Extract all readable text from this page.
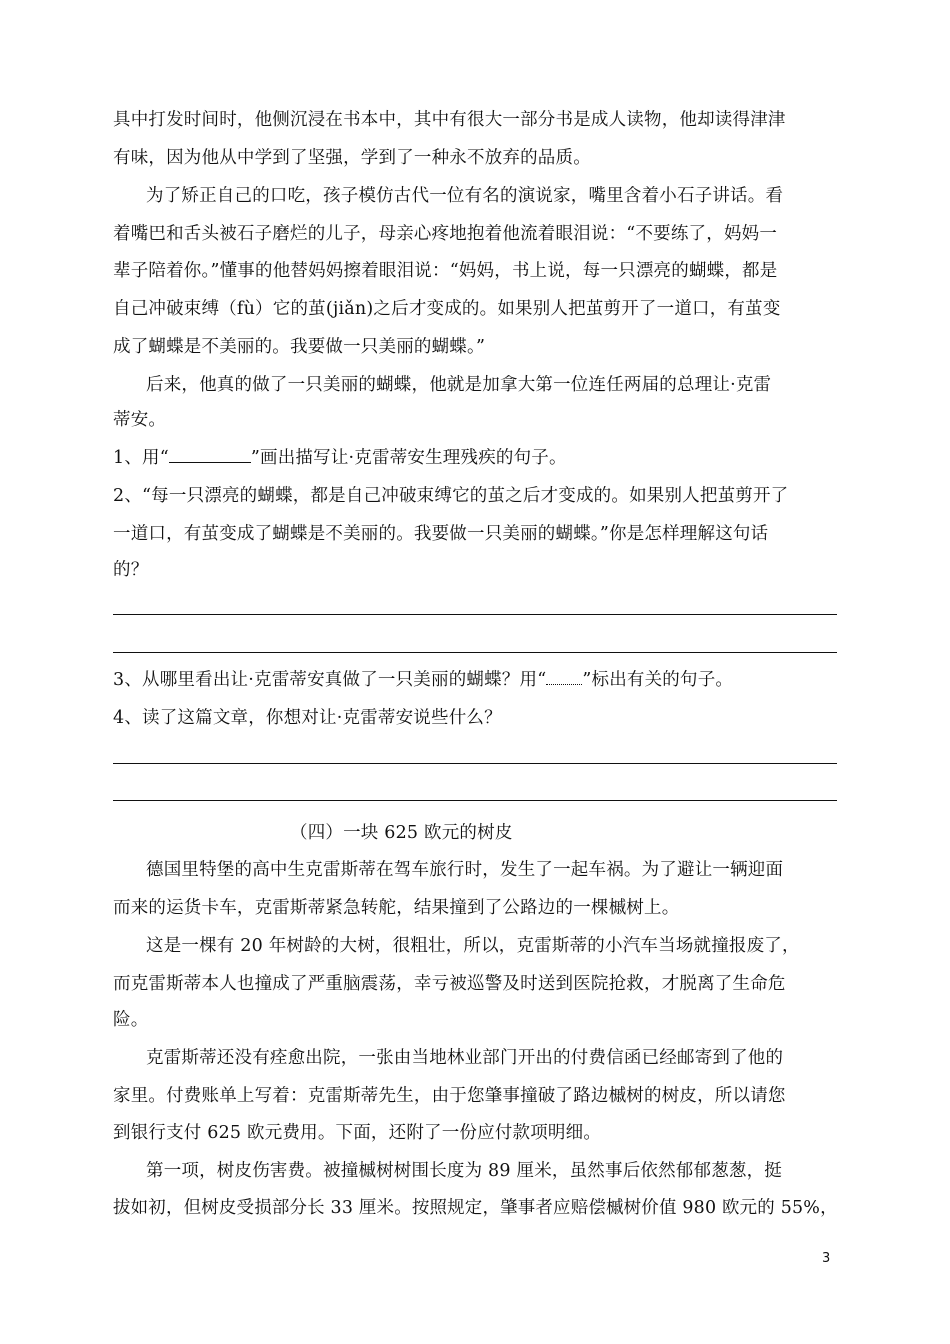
具中打发时间时，他侧沉浸在书本中，其中有很大一部分书是成人读物，他却读得津津
有味，因为他从中学到了坚强，学到了一种永不放弃的品质。
为了矫正自己的口吃，孩子模仿古代一位有名的演说家，嘴里含着小石子讲话。看
着嘴巴和舌头被石子磨烂的儿子，母亲心疼地抱着他流着眼泪说：“不要练了，妈妈一
辈子陪着你。”懂事的他替妈妈擦着眼泪说：“妈妈，书上说，每一只漂亮的蝴蝶，都是
自己冲破束缚（fù）它的茧(jiǎn)之后才变成的。如果别人把茧剪开了一道口，有茧变
成了蝴蝶是不美丽的。我要做一只美丽的蝴蝶。”
后来，他真的做了一只美丽的蝴蝶，他就是加拿大第一位连任两届的总理让·克雷
蒂安。
1、用“	”画出描写让·克雷蒂安生理残疾的句子。
2、“每一只漂亮的蝴蝶，都是自己冲破束缚它的茧之后才变成的。如果别人把茧剪开了
一道口，有茧变成了蝴蝶是不美丽的。我要做一只美丽的蝴蝶。”你是怎样理解这句话
的？
3、从哪里看出让·克雷蒂安真做了一只美丽的蝴蝶？用“ ”标出有关的句子。
4、读了这篇文章，你想对让·克雷蒂安说些什么？
（四）一块 625 欧元的树皮
德国里特堡的高中生克雷斯蒂在驾车旅行时，发生了一起车祸。为了避让一辆迎面
而来的运货卡车，克雷斯蒂紧急转舵，结果撞到了公路边的一棵槭树上。
这是一棵有 20 年树龄的大树，很粗壮，所以，克雷斯蒂的小汽车当场就撞报废了，
而克雷斯蒂本人也撞成了严重脑震荡，幸亏被巡警及时送到医院抢救，才脱离了生命危
险。
克雷斯蒂还没有痊愈出院，一张由当地林业部门开出的付费信函已经邮寄到了他的
家里。付费账单上写着：克雷斯蒂先生，由于您肇事撞破了路边槭树的树皮，所以请您
到银行支付 625 欧元费用。下面，还附了一份应付款项明细。
第一项，树皮伤害费。被撞槭树树围长度为 89 厘米，虽然事后依然郁郁葱葱，挺
拔如初，但树皮受损部分长 33 厘米。按照规定，肇事者应赔偿槭树价值 980 欧元的 55%，
3
